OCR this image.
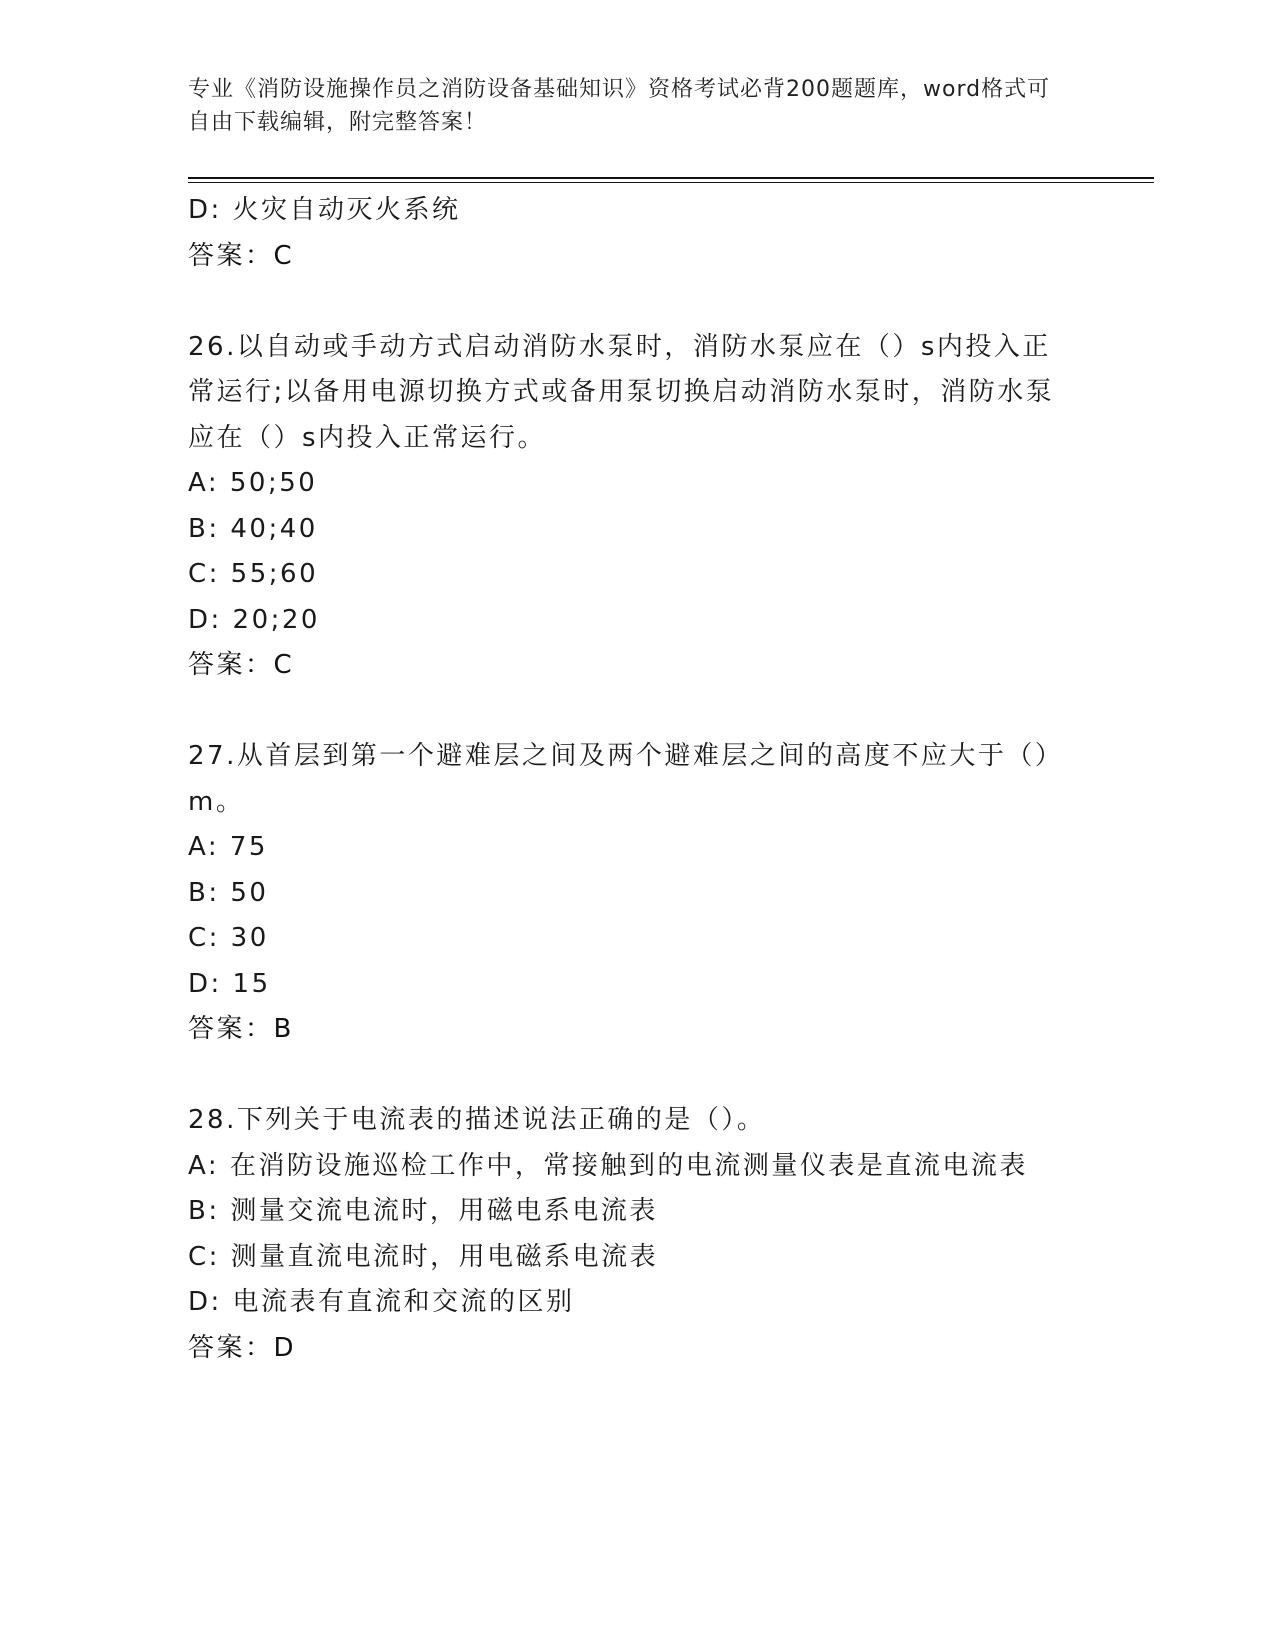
专业《消防设施操作员之消防设备基础知识》资格考试必背200题题库，word格式可自由下载编辑，附完整答案！
D: 火灾自动灭火系统
答案：C
26.以自动或手动方式启动消防水泵时，消防水泵应在（）s内投入正常运行;以备用电源切换方式或备用泵切换启动消防水泵时，消防水泵应在（）s内投入正常运行。
A: 50;50
B: 40;40
C: 55;60
D: 20;20
答案：C
27.从首层到第一个避难层之间及两个避难层之间的高度不应大于（）m。
A: 75
B: 50
C: 30
D: 15
答案：B
28.下列关于电流表的描述说法正确的是（）。
A: 在消防设施巡检工作中，常接触到的电流测量仪表是直流电流表
B: 测量交流电流时，用磁电系电流表
C: 测量直流电流时，用电磁系电流表
D: 电流表有直流和交流的区别
答案：D
